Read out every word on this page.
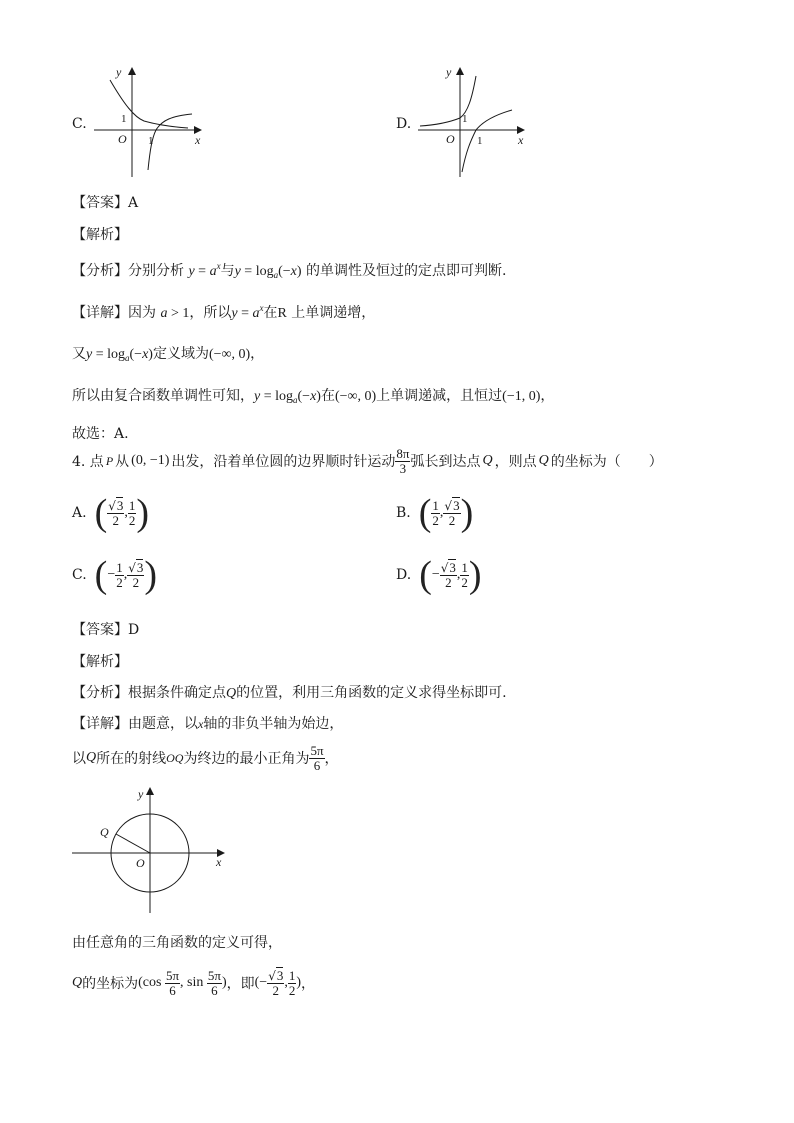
C.
y
x
O
1
1
D.
y
x
O
1
1
【答案】A
【解析】
【分析】分别分析 $y = a^x$与$y = \log_a(-x)$ 的单调性及恒过的定点即可判断.
【详解】因为 a > 1，所以$y = a^x$在R 上单调递增，
又$y = \log_a(-x)$定义域为(−∞, 0)，
所以由复合函数单调性可知，$y = \log_a(-x)$在(−∞, 0)上单调递减，且恒过(−1, 0)，
故选：A.
4. 点 P 从 (0, −1) 出发，沿着单位圆的边界顺时针运动 $\frac{8\pi}{3}$ 弧长到达点 Q ，则点 Q 的坐标为（　　）
A. ( $\frac{√3}{2}$ , $\frac{1}{2}$ )	B. ( $\frac{1}{2}$ , $\frac{√3}{2}$ )
C. ( − $\frac{1}{2}$ , $\frac{√3}{2}$ )	D. ( − $\frac{√3}{2}$ , $\frac{1}{2}$ )
【答案】D
【解析】
【分析】根据条件确定点Q的位置，利用三角函数的定义求得坐标即可.
【详解】由题意，以x轴的非负半轴为始边，
以 Q 所在的射线 OQ 为终边的最小正角为 $\frac{5\pi}{6}$ ，
y
x
O
Q
由任意角的三角函数的定义可得，
Q 的坐标为 ($\cos \frac{5\pi}{6}$ , $\sin \frac{5\pi}{6}$ ) ，即 (− $\frac{√3}{2}$ , $\frac{1}{2}$ ) ，
